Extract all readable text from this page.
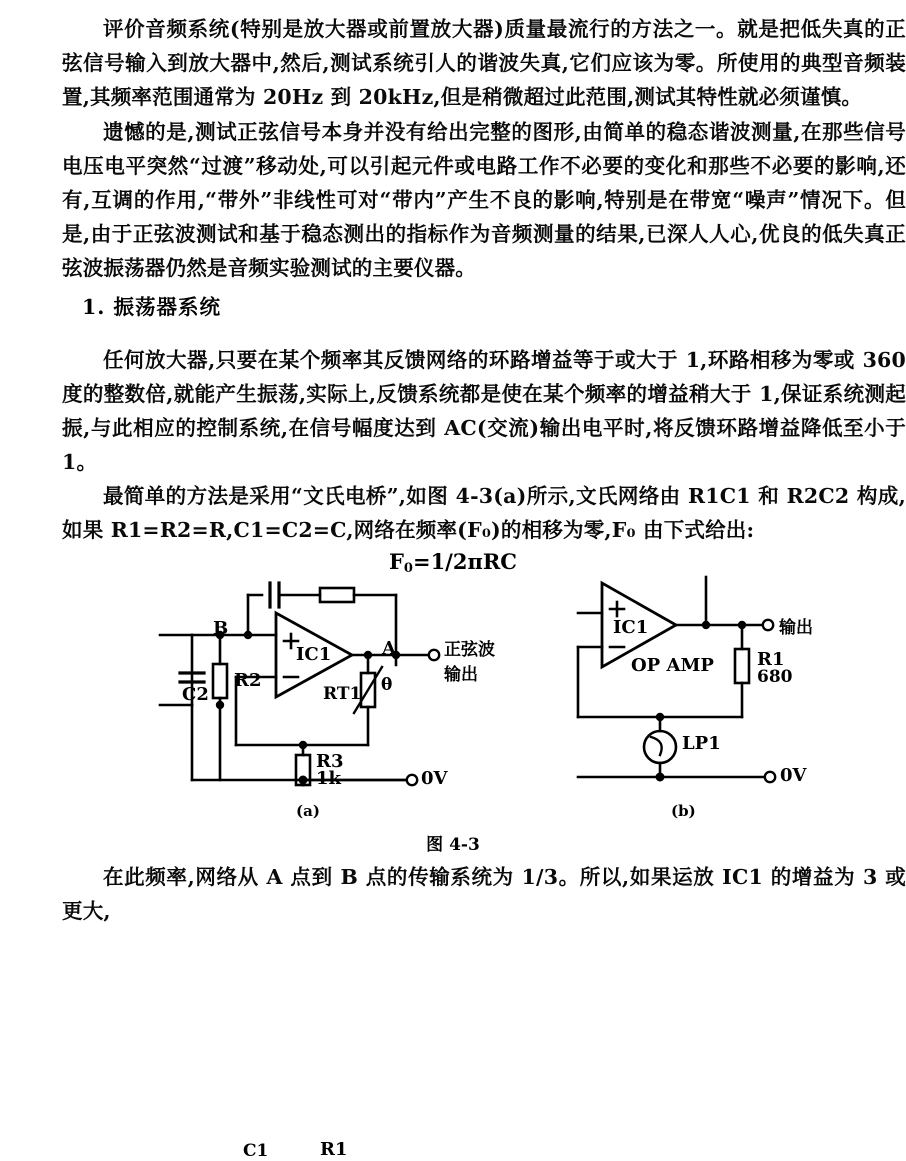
评价音频系统(特别是放大器或前置放大器)质量最流行的方法之一。就是把低失真的正弦信号输入到放大器中,然后,测试系统引人的谐波失真,它们应该为零。所使用的典型音频装置,其频率范围通常为 20Hz 到 20kHz,但是稍微超过此范围,测试其特性就必须谨慎。

遗憾的是,测试正弦信号本身并没有给出完整的图形,由简单的稳态谐波测量,在那些信号电压电平突然“过渡”移动处,可以引起元件或电路工作不必要的变化和那些不必要的影响,还有,互调的作用,“带外”非线性可对“带内”产生不良的影响,特别是在带宽“噪声”情况下。但是,由于正弦波测试和基于稳态测出的指标作为音频测量的结果,已深人人心,优良的低失真正弦波振荡器仍然是音频实验测试的主要仪器。

1. 振荡器系统

任何放大器,只要在某个频率其反馈网络的环路增益等于或大于 1,环路相移为零或 360 度的整数倍,就能产生振荡,实际上,反馈系统都是使在某个频率的增益稍大于 1,保证系统测起振,与此相应的控制系统,在信号幅度达到 AC(交流)输出电平时,将反馈环路增益降低至小于 1。

最简单的方法是采用“文氏电桥”,如图 4-3(a)所示,文氏网络由 R1C1 和 R2C2 构成,如果 R1=R2=R,C1=C2=C,网络在频率(F₀)的相移为零,F₀ 由下式给出:

$F_0=1/2\pi RC$
C1	R1
B
C2
R2
IC1	A
RT1 θ
R3
1k	0V
正弦波
输出
IC1
OP AMP R1
680
LP1
0V
输出
(a)	(b)
图 4-3

在此频率,网络从 A 点到 B 点的传输系统为 1/3。所以,如果运放 IC1 的增益为 3 或更大,
